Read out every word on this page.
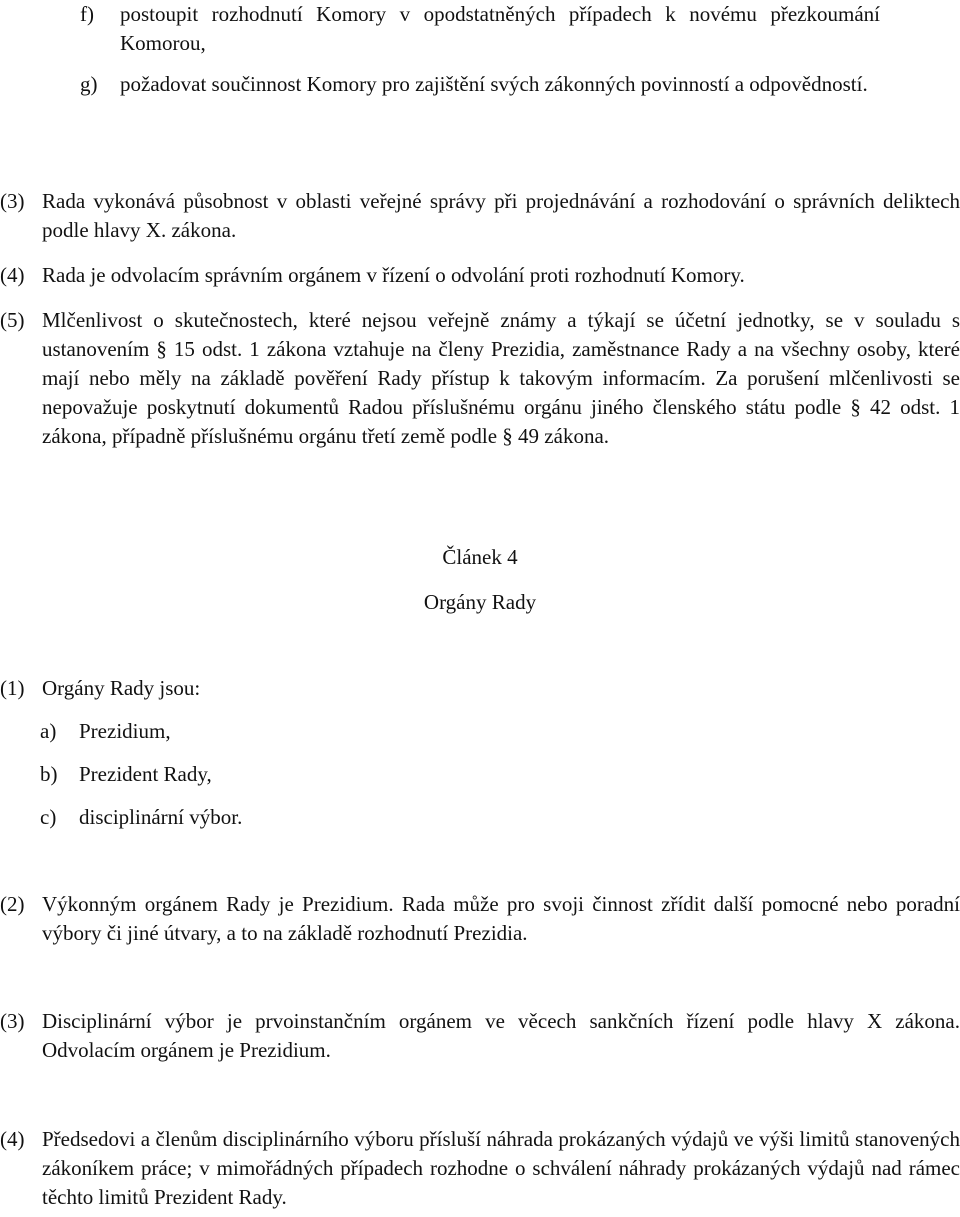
f)	postoupit rozhodnutí Komory v opodstatněných případech k novému přezkoumání Komorou,
g)	požadovat součinnost Komory pro zajištění svých zákonných povinností a odpovědností.
(3) Rada vykonává působnost v oblasti veřejné správy při projednávání a rozhodování o správních deliktech podle hlavy X. zákona.
(4) Rada je odvolacím správním orgánem v řízení o odvolání proti rozhodnutí Komory.
(5) Mlčenlivost o skutečnostech, které nejsou veřejně známy a týkají se účetní jednotky, se v souladu s ustanovením § 15 odst. 1 zákona vztahuje na členy Prezidia, zaměstnance Rady a na všechny osoby, které mají nebo měly na základě pověření Rady přístup k takovým informacím. Za porušení mlčenlivosti se nepovažuje poskytnutí dokumentů Radou příslušnému orgánu jiného členského státu podle § 42 odst. 1 zákona, případně příslušnému orgánu třetí země podle § 49 zákona.
Článek 4
Orgány Rady
(1) Orgány Rady jsou:
a)	Prezidium,
b)	Prezident Rady,
c)	disciplinární výbor.
(2) Výkonným orgánem Rady je Prezidium. Rada může pro svoji činnost zřídit další pomocné nebo poradní výbory či jiné útvary, a to na základě rozhodnutí Prezidia.
(3) Disciplinární výbor je prvoinstančním orgánem ve věcech sankčních řízení podle hlavy X zákona. Odvolacím orgánem je Prezidium.
(4) Předsedovi a členům disciplinárního výboru přísluší náhrada prokázaných výdajů ve výši limitů stanovených zákoníkem práce; v mimořádných případech rozhodne o schválení náhrady prokázaných výdajů nad rámec těchto limitů Prezident Rady.
